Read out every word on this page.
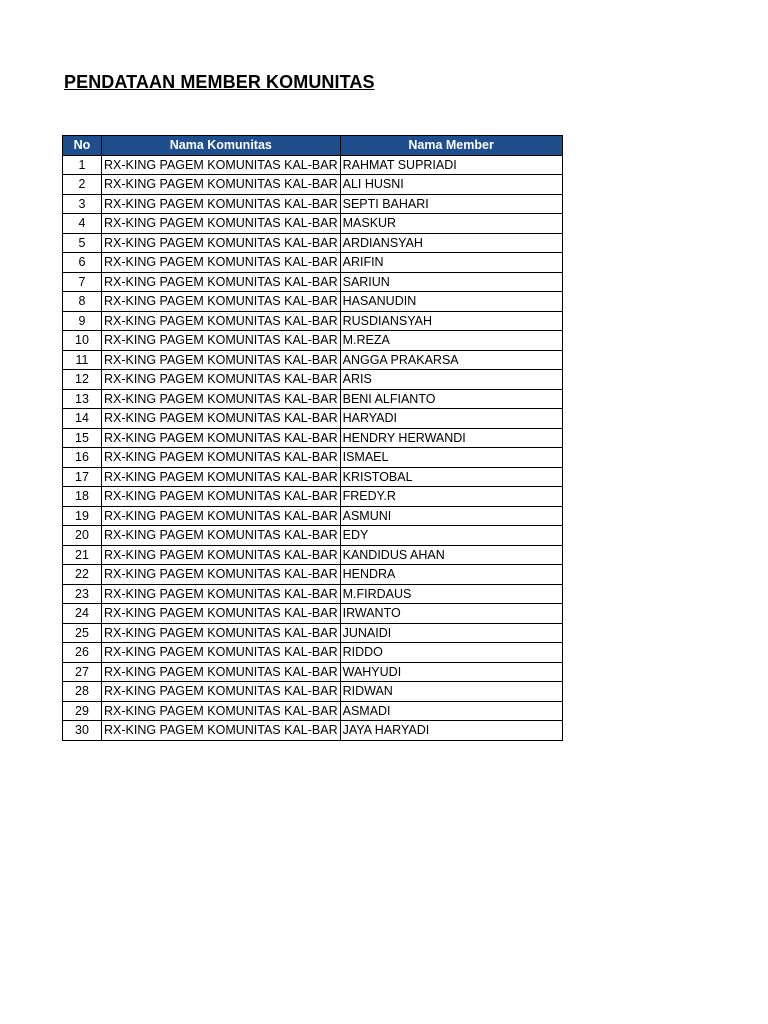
PENDATAAN MEMBER KOMUNITAS
No	Nama Komunitas	Nama Member
1	RX-KING PAGEM KOMUNITAS KAL-BAR	RAHMAT SUPRIADI
2	RX-KING PAGEM KOMUNITAS KAL-BAR	ALI HUSNI
3	RX-KING PAGEM KOMUNITAS KAL-BAR	SEPTI BAHARI
4	RX-KING PAGEM KOMUNITAS KAL-BAR	MASKUR
5	RX-KING PAGEM KOMUNITAS KAL-BAR	ARDIANSYAH
6	RX-KING PAGEM KOMUNITAS KAL-BAR	ARIFIN
7	RX-KING PAGEM KOMUNITAS KAL-BAR	SARIUN
8	RX-KING PAGEM KOMUNITAS KAL-BAR	HASANUDIN
9	RX-KING PAGEM KOMUNITAS KAL-BAR	RUSDIANSYAH
10	RX-KING PAGEM KOMUNITAS KAL-BAR	M.REZA
11	RX-KING PAGEM KOMUNITAS KAL-BAR	ANGGA PRAKARSA
12	RX-KING PAGEM KOMUNITAS KAL-BAR	ARIS
13	RX-KING PAGEM KOMUNITAS KAL-BAR	BENI ALFIANTO
14	RX-KING PAGEM KOMUNITAS KAL-BAR	HARYADI
15	RX-KING PAGEM KOMUNITAS KAL-BAR	HENDRY HERWANDI
16	RX-KING PAGEM KOMUNITAS KAL-BAR	ISMAEL
17	RX-KING PAGEM KOMUNITAS KAL-BAR	KRISTOBAL
18	RX-KING PAGEM KOMUNITAS KAL-BAR	FREDY.R
19	RX-KING PAGEM KOMUNITAS KAL-BAR	ASMUNI
20	RX-KING PAGEM KOMUNITAS KAL-BAR	EDY
21	RX-KING PAGEM KOMUNITAS KAL-BAR	KANDIDUS AHAN
22	RX-KING PAGEM KOMUNITAS KAL-BAR	HENDRA
23	RX-KING PAGEM KOMUNITAS KAL-BAR	M.FIRDAUS
24	RX-KING PAGEM KOMUNITAS KAL-BAR	IRWANTO
25	RX-KING PAGEM KOMUNITAS KAL-BAR	JUNAIDI
26	RX-KING PAGEM KOMUNITAS KAL-BAR	RIDDO
27	RX-KING PAGEM KOMUNITAS KAL-BAR	WAHYUDI
28	RX-KING PAGEM KOMUNITAS KAL-BAR	RIDWAN
29	RX-KING PAGEM KOMUNITAS KAL-BAR	ASMADI
30	RX-KING PAGEM KOMUNITAS KAL-BAR	JAYA HARYADI
